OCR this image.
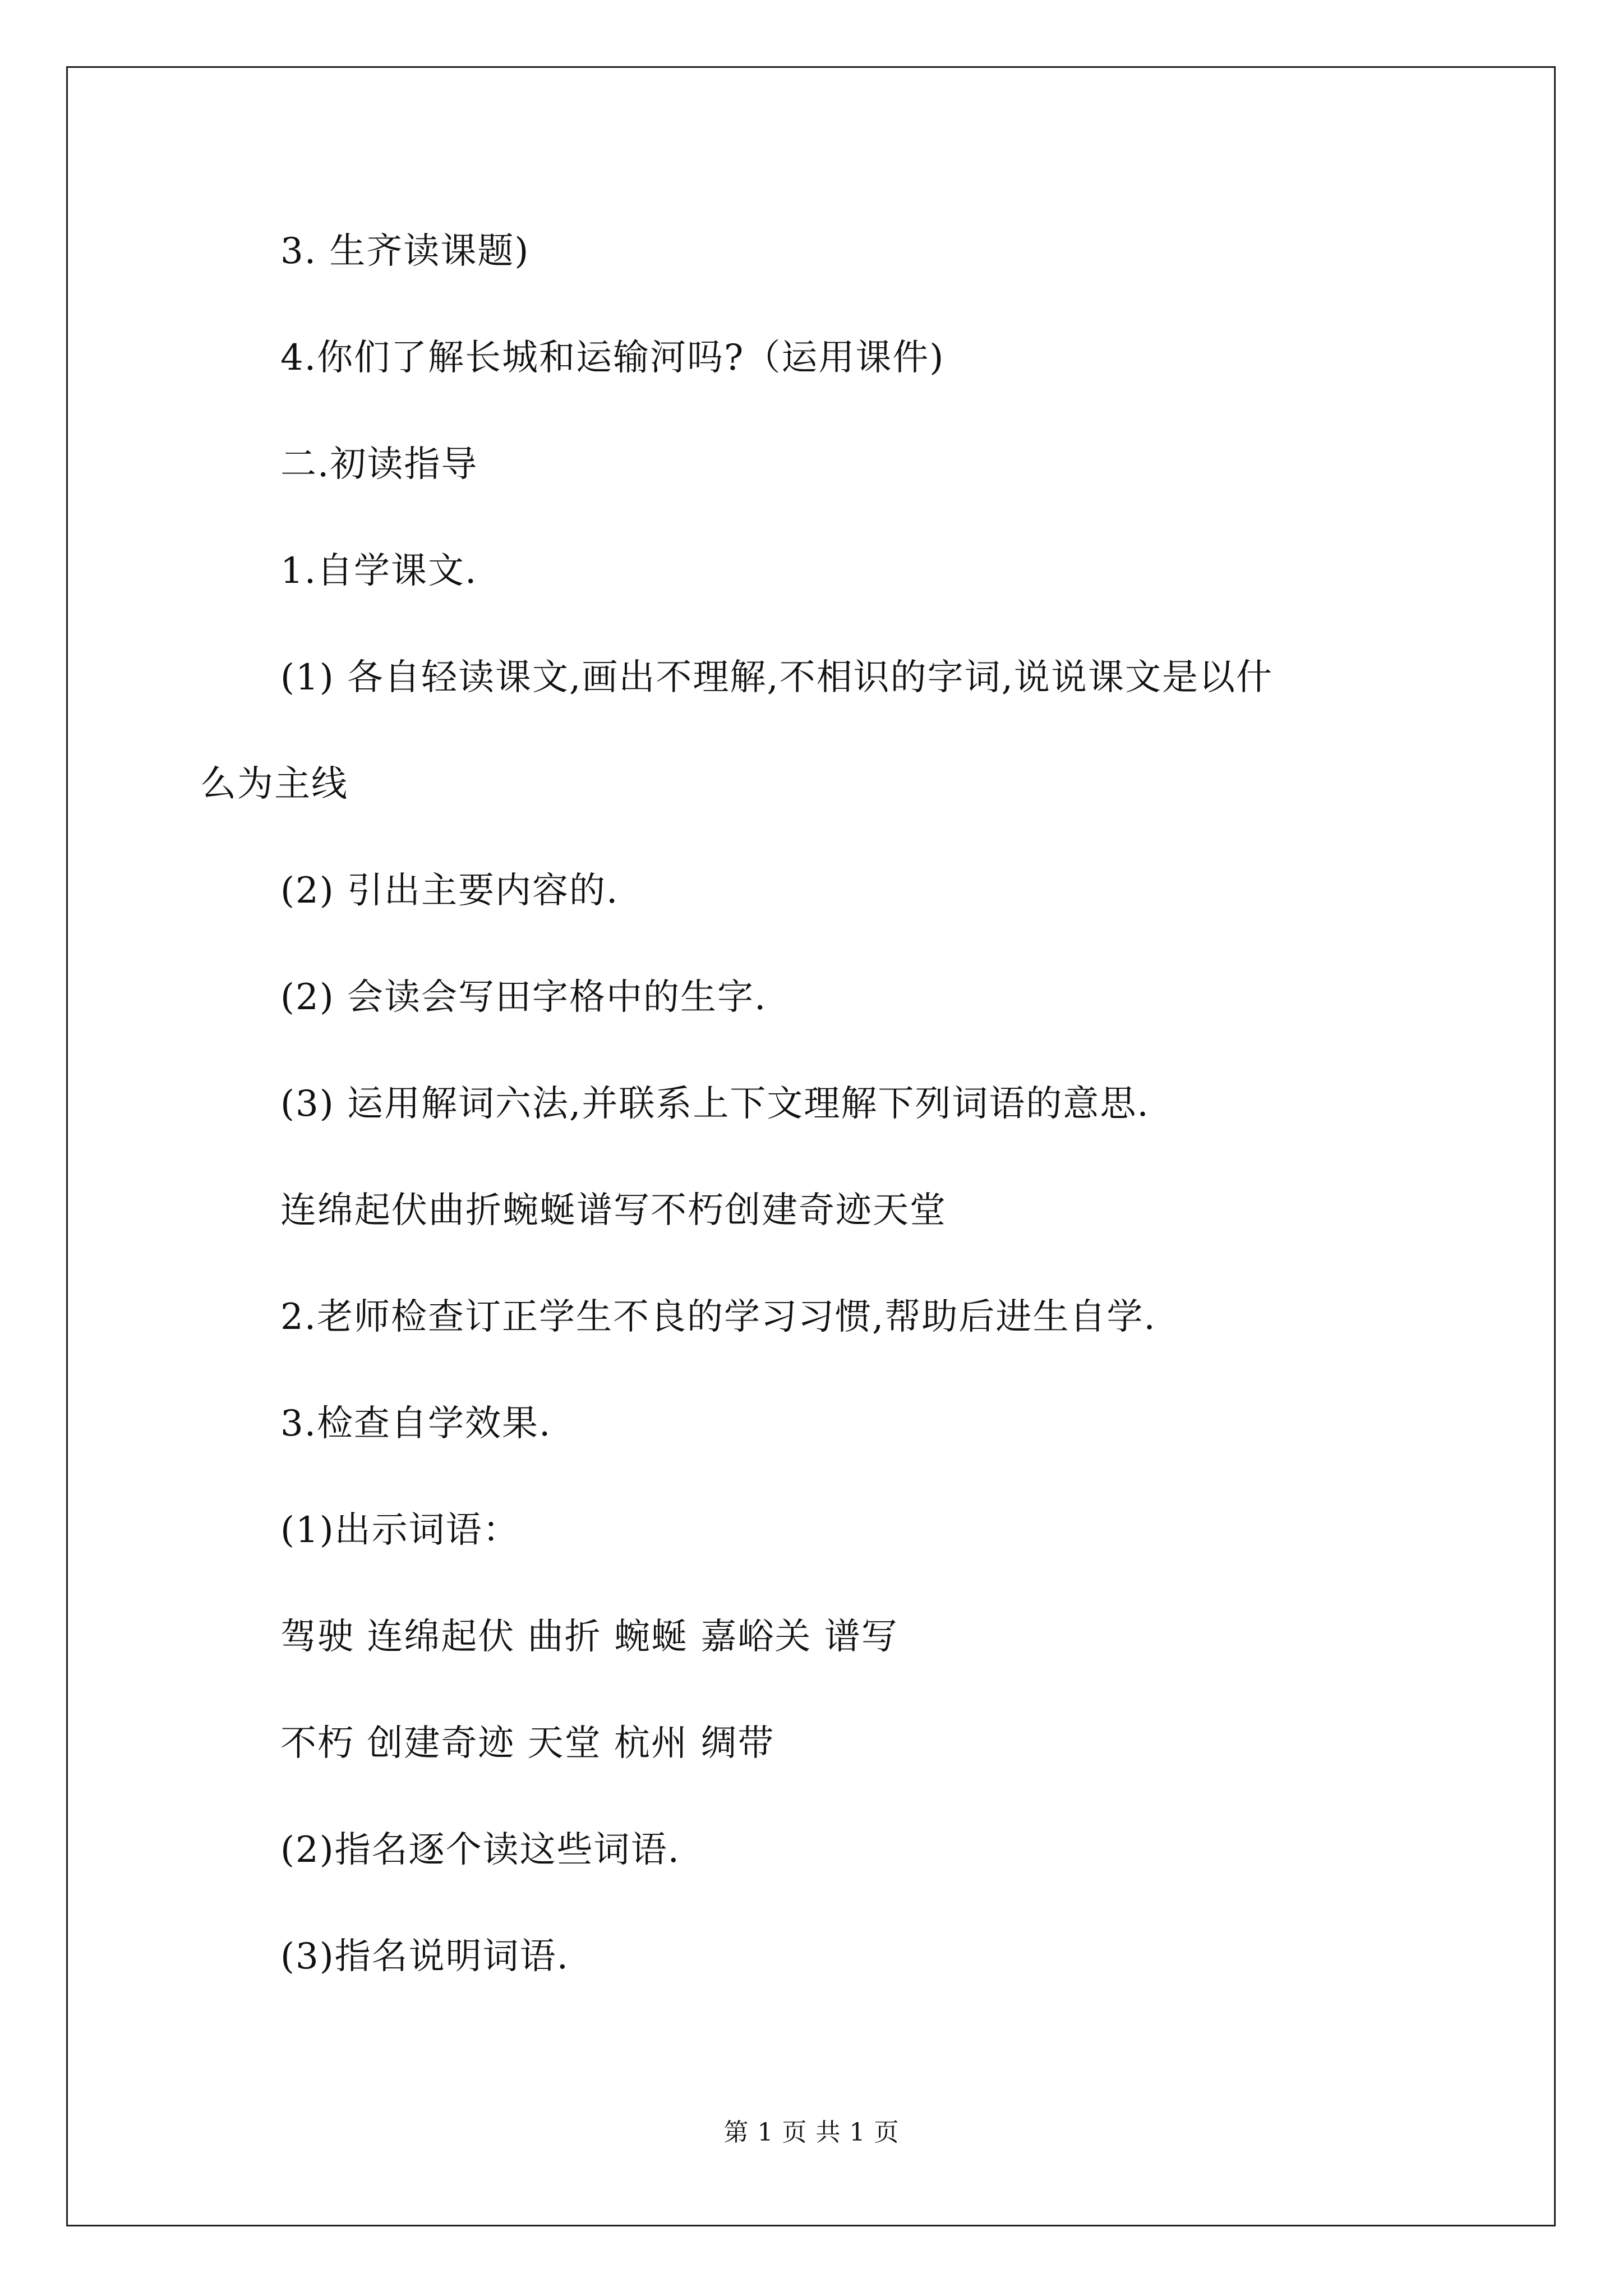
3. 生齐读课题)
4.你们了解长城和运输河吗?（运用课件)
二.初读指导
1.自学课文.
(1) 各自轻读课文,画出不理解,不相识的字词,说说课文是以什
么为主线
(2) 引出主要内容的.
(2) 会读会写田字格中的生字.
(3) 运用解词六法,并联系上下文理解下列词语的意思.
连绵起伏曲折蜿蜒谱写不朽创建奇迹天堂
2.老师检查订正学生不良的学习习惯,帮助后进生自学.
3.检查自学效果.
(1)出示词语：
驾驶 连绵起伏 曲折 蜿蜒 嘉峪关 谱写
不朽 创建奇迹 天堂 杭州 绸带
(2)指名逐个读这些词语.
(3)指名说明词语.
第 1 页 共 1 页
